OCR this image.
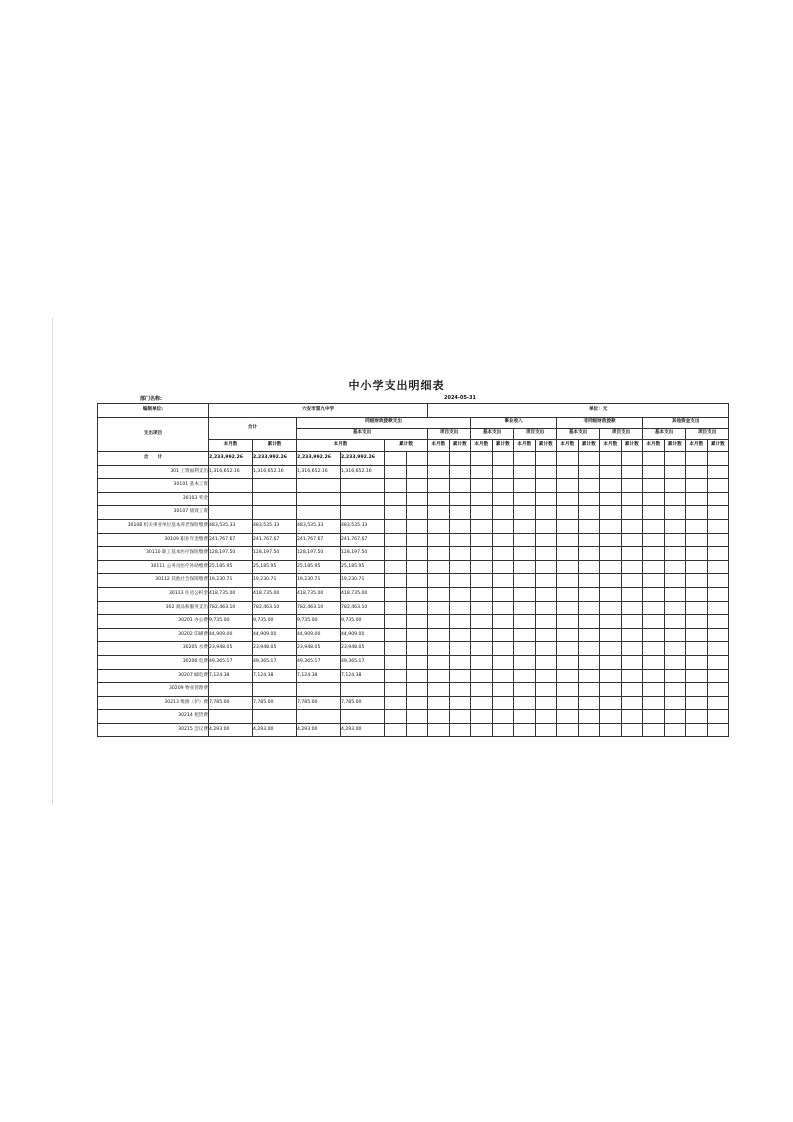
中小学支出明细表
部门名称:	2024-05-31
编制单位:	六安市第九中学						单位：元													
支出项目	合计		同级财政拨款支出						事业收入				非同级财政拨款				其他资金支出			
			基本支出				项目支出		基本支出		项目支出		基本支出		项目支出		基本支出		项目支出	
	本月数	累计数	本月数		累计数		本月数	累计数	本月数	累计数	本月数	累计数	本月数	累计数	本月数	累计数	本月数	累计数	本月数	累计数
合　　计	2,233,992.26	2,233,992.26	2,233,992.26	2,233,992.26																
301 工资福利支出	1,316,652.16	1,316,652.16	1,316,652.16	1,316,652.16																
30101 基本工资																				
30103 奖金																				
30107 绩效工资																				
30108 机关事业单位基本养老保险缴费	483,535.33	483,535.33	483,535.33	483,535.33																
30109 职业年金缴费	241,767.67	241,767.67	241,767.67	241,767.67																
30110 职工基本医疗保险缴费	128,197.50	128,197.50	128,197.50	128,197.50																
30111 公务员医疗补助缴费	25,185.95	25,185.95	25,185.95	25,185.95																
30112 其他社会保障缴费	19,230.71	19,230.71	19,230.71	19,230.71																
30113 住房公积金	418,735.00	418,735.00	418,735.00	418,735.00																
302 商品和服务支出	782,463.10	782,463.10	782,463.10	782,463.10																
30201 办公费	9,735.00	9,735.00	9,735.00	9,735.00																
30202 印刷费	44,909.00	44,909.00	44,909.00	44,909.00																
30205 水费	23,948.05	23,948.05	23,948.05	23,948.05																
30206 电费	49,365.17	49,365.17	49,365.17	49,365.17																
30207 邮电费	7,124.38	7,124.38	7,124.38	7,124.38																
30209 物业管理费																				
30213 维修（护）费	7,785.00	7,785.00	7,785.00	7,785.00																
30214 租赁费																				
30215 会议费	4,293.00	4,293.00	4,293.00	4,293.00																
